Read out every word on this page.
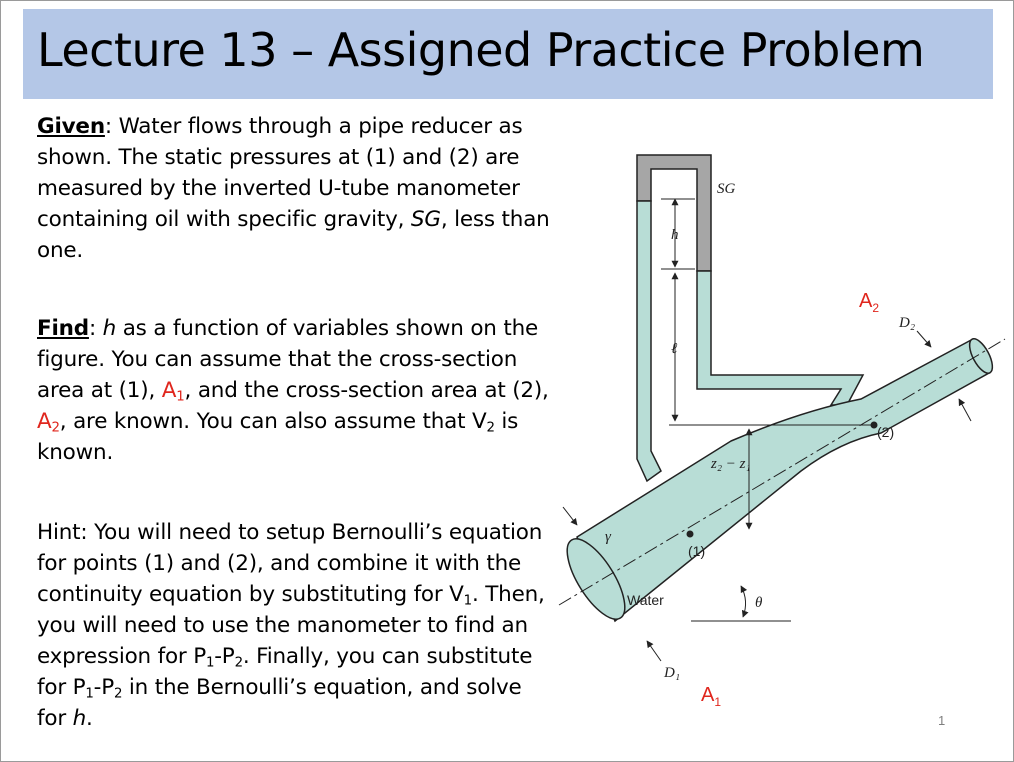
Lecture 13 – Assigned Practice Problem
Given: Water flows through a pipe reducer as shown. The static pressures at (1) and (2) are measured by the inverted U-tube manometer containing oil with specific gravity, SG, less than one.
Find: h as a function of variables shown on the figure. You can assume that the cross-section area at (1), $A_1$, and the cross-section area at (2), $A_2$, are known. You can also assume that $V_2$ is known.
Hint: You will need to setup Bernoulli’s equation for points (1) and (2), and combine it with the continuity equation by substituting for $V_1$. Then, you will need to use the manometer to find an expression for $P_1-P_2$. Finally, you can substitute for $P_1-P_2$ in the Bernoulli’s equation, and solve for h.
SG
h
ℓ
γ
Water
(1)
(2)
z₂ − z₁
θ
D₁
D₂
$A_1$
$A_2$
1
